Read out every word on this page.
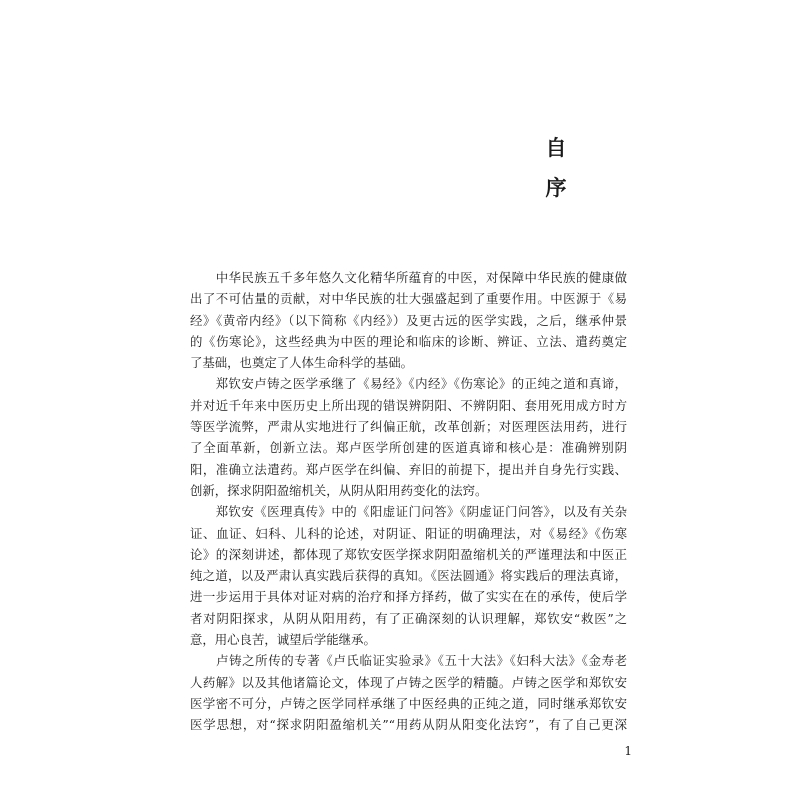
自
序
　　中华民族五千多年悠久文化精华所蕴育的中医，对保障中华民族的健康做
出了不可估量的贡献，对中华民族的壮大强盛起到了重要作用。中医源于《易
经》《黄帝内经》（以下简称《内经》）及更古远的医学实践，之后，继承仲景
的《伤寒论》，这些经典为中医的理论和临床的诊断、辨证、立法、遣药奠定
了基础，也奠定了人体生命科学的基础。
　　郑钦安卢铸之医学承继了《易经》《内经》《伤寒论》的正纯之道和真谛，
并对近千年来中医历史上所出现的错误辨阴阳、不辨阴阳、套用死用成方时方
等医学流弊，严肃从实地进行了纠偏正航，改革创新；对医理医法用药，进行
了全面革新，创新立法。郑卢医学所创建的医道真谛和核心是：准确辨别阴
阳，准确立法遣药。郑卢医学在纠偏、弃旧的前提下，提出并自身先行实践、
创新，探求阴阳盈缩机关，从阴从阳用药变化的法窍。
　　郑钦安《医理真传》中的《阳虚证门问答》《阴虚证门问答》，以及有关杂
证、血证、妇科、儿科的论述，对阴证、阳证的明确理法，对《易经》《伤寒
论》的深刻讲述，都体现了郑钦安医学探求阴阳盈缩机关的严谨理法和中医正
纯之道，以及严肃认真实践后获得的真知。《医法圆通》将实践后的理法真谛，
进一步运用于具体对证对病的治疗和择方择药，做了实实在在的承传，使后学
者对阴阳探求，从阴从阳用药，有了正确深刻的认识理解，郑钦安“救医”之
意，用心良苦，诚望后学能继承。
　　卢铸之所传的专著《卢氏临证实验录》《五十大法》《妇科大法》《金寿老
人药解》以及其他诸篇论文，体现了卢铸之医学的精髓。卢铸之医学和郑钦安
医学密不可分，卢铸之医学同样承继了中医经典的正纯之道，同时继承郑钦安
医学思想，对“探求阴阳盈缩机关”“用药从阴从阳变化法窍”，有了自己更深
1
